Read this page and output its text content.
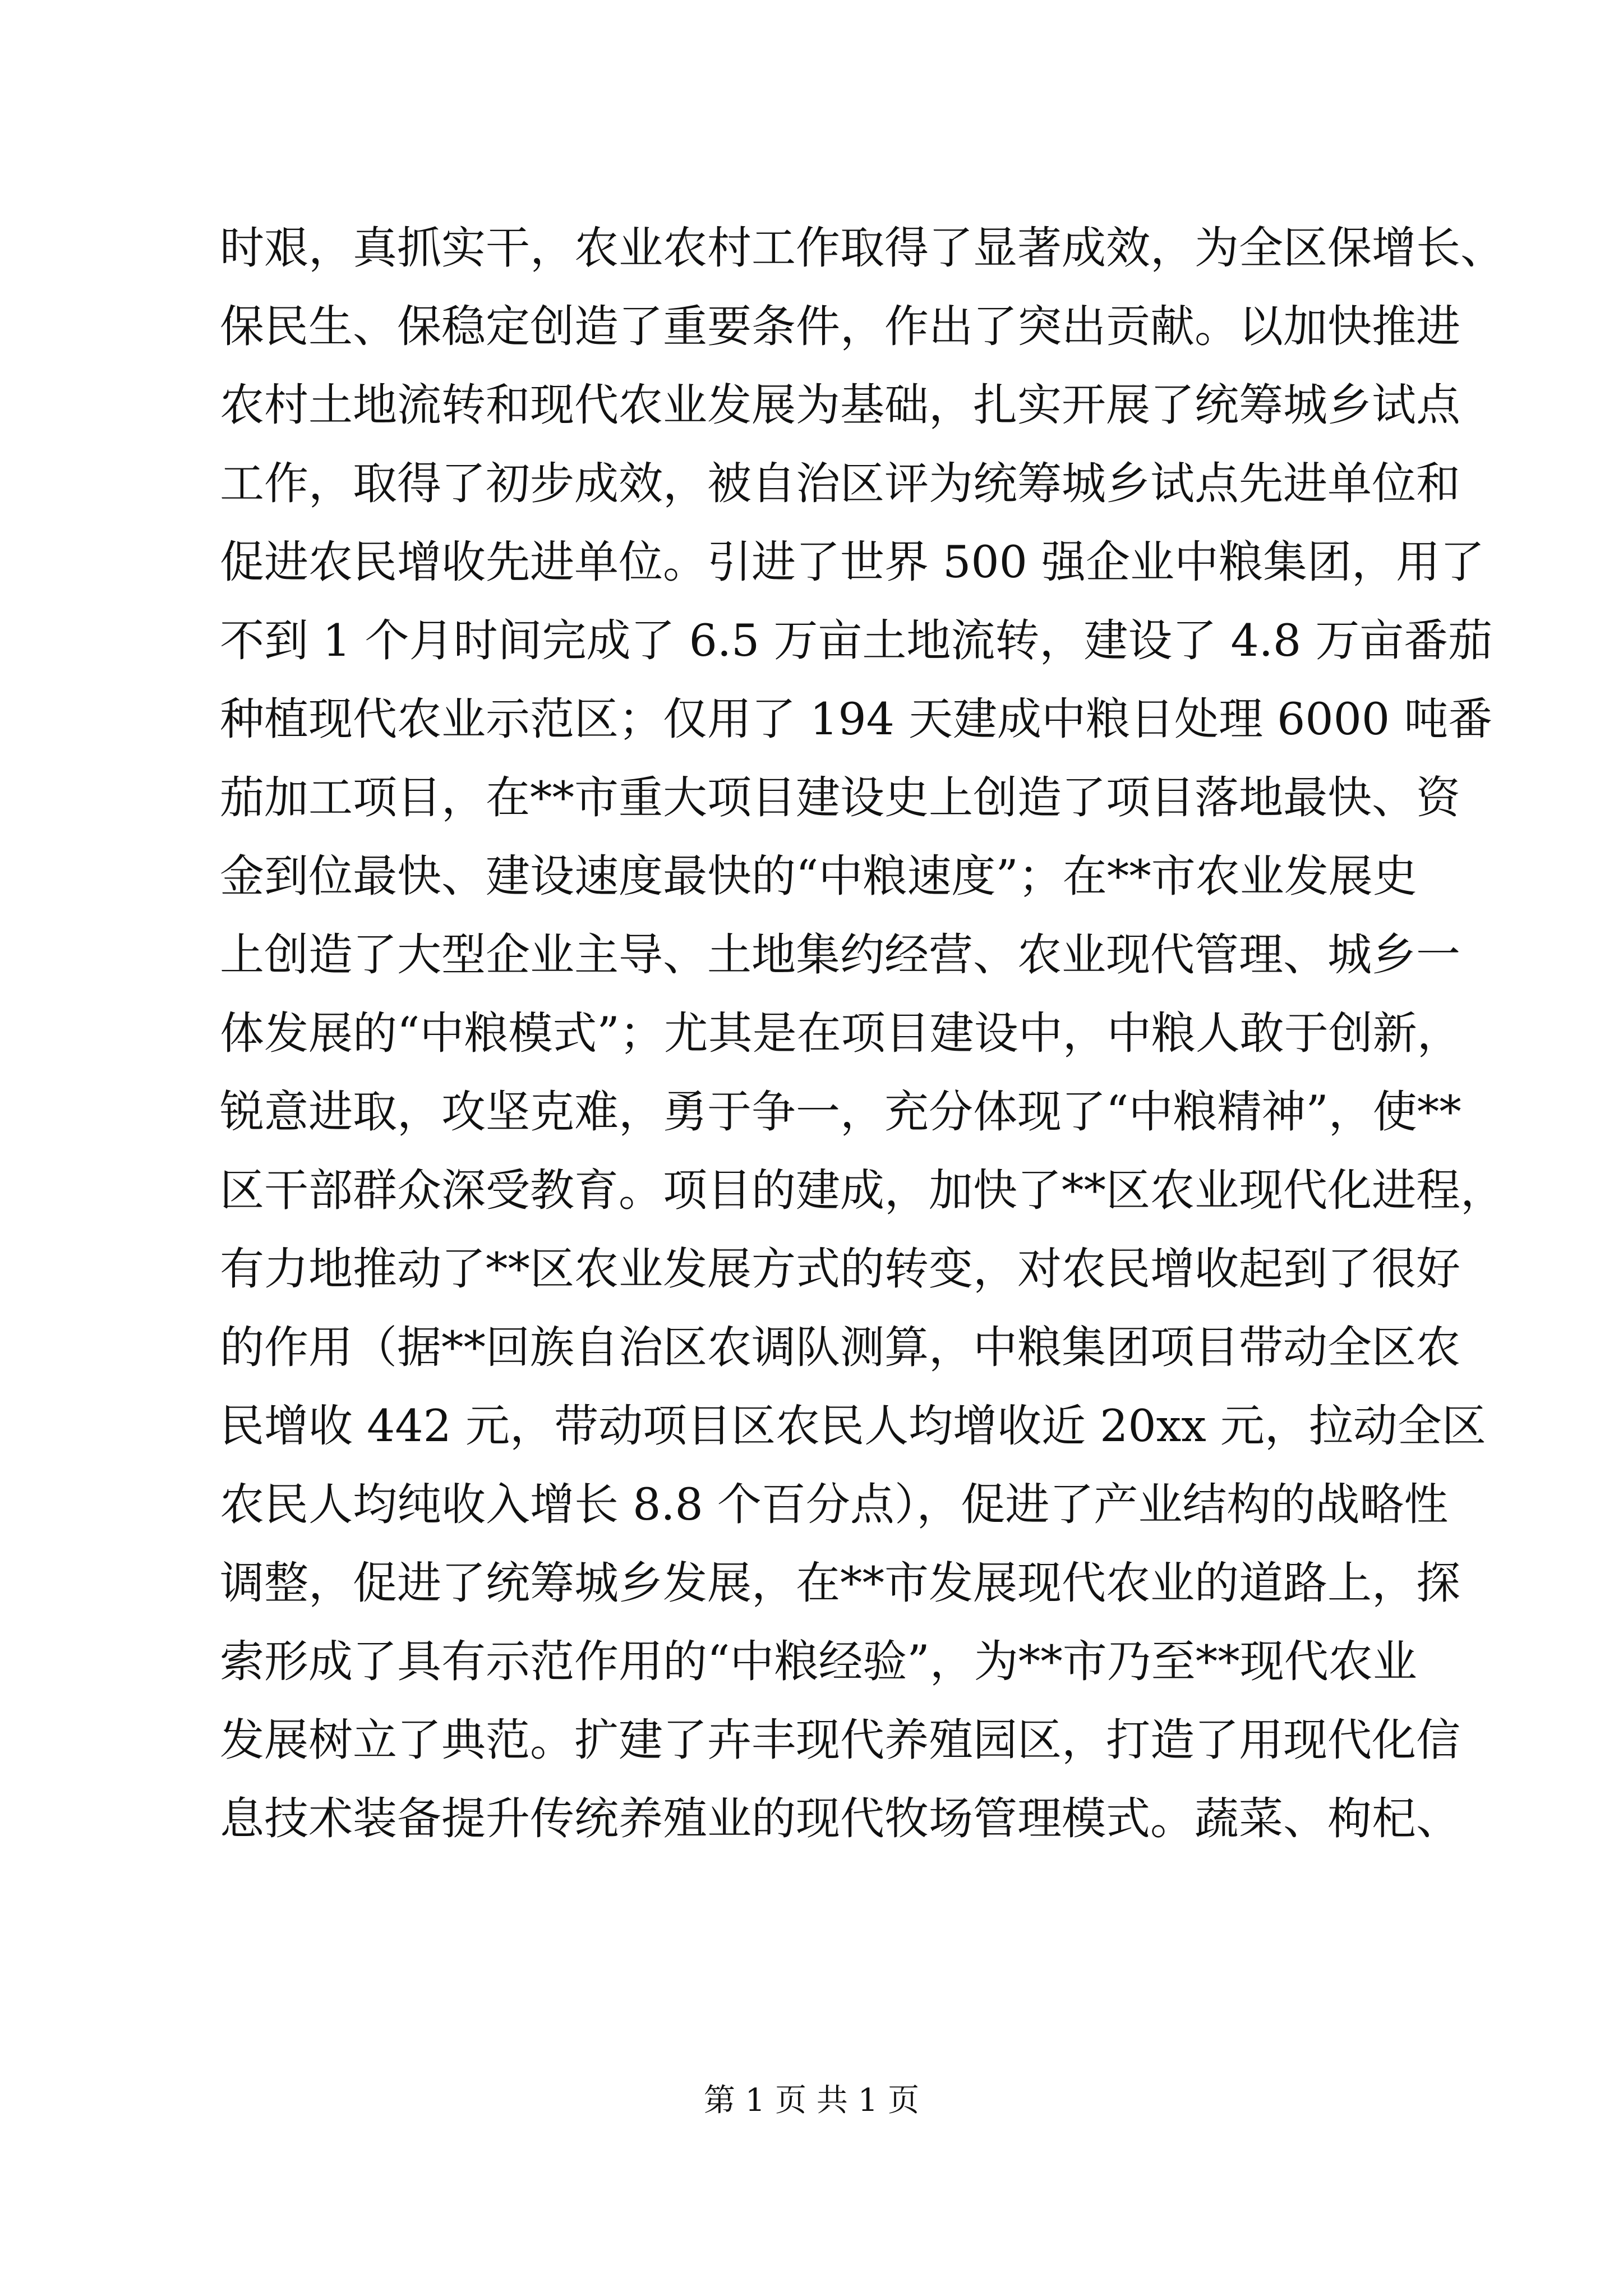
时艰，真抓实干，农业农村工作取得了显著成效，为全区保增长、
保民生、保稳定创造了重要条件，作出了突出贡献。以加快推进
农村土地流转和现代农业发展为基础，扎实开展了统筹城乡试点
工作，取得了初步成效，被自治区评为统筹城乡试点先进单位和
促进农民增收先进单位。引进了世界 500 强企业中粮集团，用了
不到 1 个月时间完成了 6.5 万亩土地流转，建设了 4.8 万亩番茄
种植现代农业示范区；仅用了 194 天建成中粮日处理 6000 吨番
茄加工项目，在**市重大项目建设史上创造了项目落地最快、资
金到位最快、建设速度最快的“中粮速度”；在**市农业发展史
上创造了大型企业主导、土地集约经营、农业现代管理、城乡一
体发展的“中粮模式”；尤其是在项目建设中，中粮人敢于创新，
锐意进取，攻坚克难，勇于争一，充分体现了“中粮精神”，使**
区干部群众深受教育。项目的建成，加快了**区农业现代化进程，
有力地推动了**区农业发展方式的转变，对农民增收起到了很好
的作用（据**回族自治区农调队测算，中粮集团项目带动全区农
民增收 442 元，带动项目区农民人均增收近 20xx 元，拉动全区
农民人均纯收入增长 8.8 个百分点），促进了产业结构的战略性
调整，促进了统筹城乡发展，在**市发展现代农业的道路上，探
索形成了具有示范作用的“中粮经验”，为**市乃至**现代农业
发展树立了典范。扩建了卉丰现代养殖园区，打造了用现代化信
息技术装备提升传统养殖业的现代牧场管理模式。蔬菜、枸杞、
第 1 页 共 1 页
